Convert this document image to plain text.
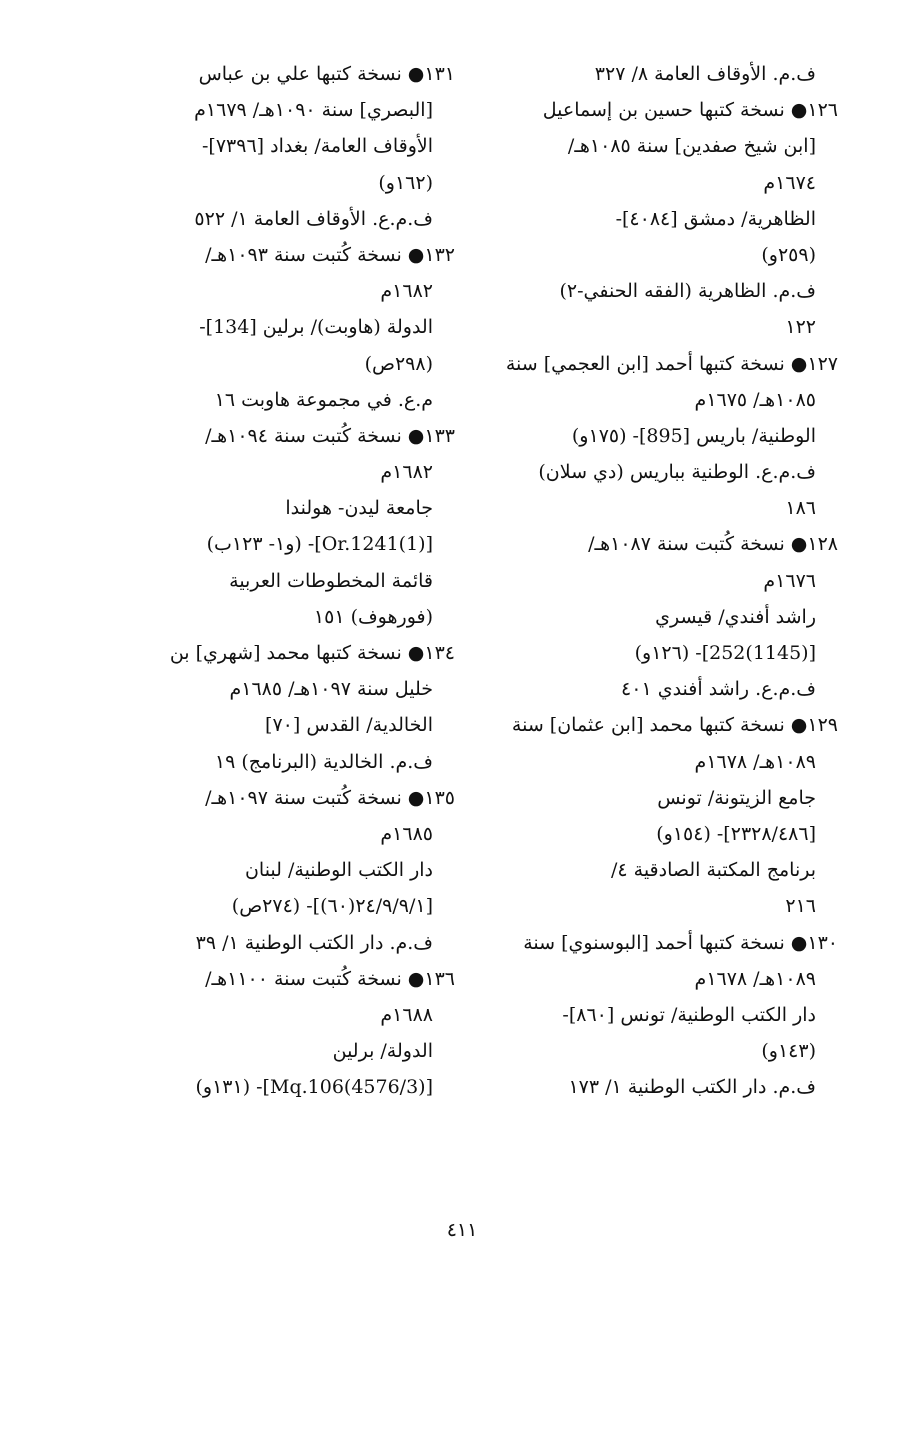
ف.م. الأوقاف العامة ٨/ ٣٢٧
١٢٦● نسخة كتبها حسين بن إسماعيل
[ابن شيخ صفدين] سنة ١٠٨٥هـ/
١٦٧٤م
الظاهرية/ دمشق [٤٠٨٤]-
(٢٥٩و)
ف.م. الظاهرية (الفقه الحنفي-٢)
١٢٢
١٢٧● نسخة كتبها أحمد [ابن العجمي] سنة
١٠٨٥هـ/ ١٦٧٥م
الوطنية/ باريس [895]- (١٧٥و)
ف.م.ع. الوطنية بباريس (دي سلان)
١٨٦
١٢٨● نسخة كُتبت سنة ١٠٨٧هـ/
١٦٧٦م
راشد أفندي/ قيسري
[(1145)252]- (١٢٦و)
ف.م.ع. راشد أفندي ٤٠١
١٢٩● نسخة كتبها محمد [ابن عثمان] سنة
١٠٨٩هـ/ ١٦٧٨م
جامع الزيتونة/ تونس
[٢٣٢٨/٤٨٦]- (١٥٤و)
برنامج المكتبة الصادقية ٤/
٢١٦
١٣٠● نسخة كتبها أحمد [البوسنوي] سنة
١٠٨٩هـ/ ١٦٧٨م
دار الكتب الوطنية/ تونس [٨٦٠]-
(١٤٣و)
ف.م. دار الكتب الوطنية ١/ ١٧٣
١٣١● نسخة كتبها علي بن عباس
[البصري] سنة ١٠٩٠هـ/ ١٦٧٩م
الأوقاف العامة/ بغداد [٧٣٩٦]-
(١٦٢و)
ف.م.ع. الأوقاف العامة ١/ ٥٢٢
١٣٢● نسخة كُتبت سنة ١٠٩٣هـ/
١٦٨٢م
الدولة (هاوبت)/ برلين [134]-
(٢٩٨ص)
م.ع. في مجموعة هاوبت ١٦
١٣٣● نسخة كُتبت سنة ١٠٩٤هـ/
١٦٨٢م
جامعة ليدن- هولندا
[Or.1241(1)]- (و١- ١٢٣ب)
قائمة المخطوطات العربية
(فورهوف) ١٥١
١٣٤● نسخة كتبها محمد [شهري] بن
خليل سنة ١٠٩٧هـ/ ١٦٨٥م
الخالدية/ القدس [٧٠]
ف.م. الخالدية (البرنامج) ١٩
١٣٥● نسخة كُتبت سنة ١٠٩٧هـ/
١٦٨٥م
دار الكتب الوطنية/ لبنان
[٢٤/٩/٩/١(٦٠)]- (٢٧٤ص)
ف.م. دار الكتب الوطنية ١/ ٣٩
١٣٦● نسخة كُتبت سنة ١١٠٠هـ/
١٦٨٨م
الدولة/ برلين
[(4576/3)Mq.106]- (١٣١و)
٤١١
